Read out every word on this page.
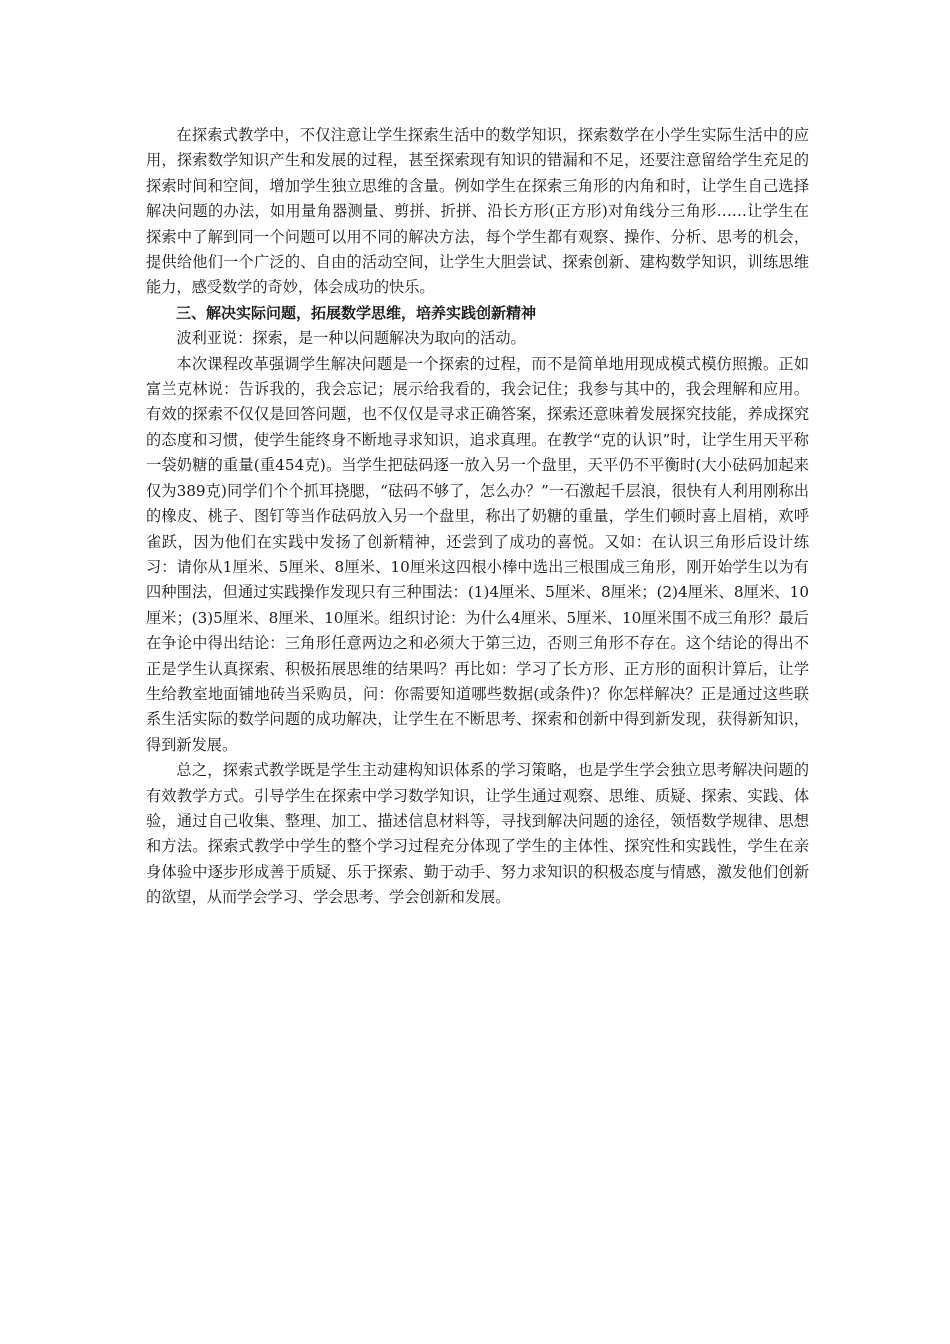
在探索式教学中，不仅注意让学生探索生活中的数学知识，探索数学在小学生实际生活中的应用，探索数学知识产生和发展的过程，甚至探索现有知识的错漏和不足，还要注意留给学生充足的探索时间和空间，增加学生独立思维的含量。例如学生在探索三角形的内角和时，让学生自己选择解决问题的办法，如用量角器测量、剪拼、折拼、沿长方形(正方形)对角线分三角形……让学生在探索中了解到同一个问题可以用不同的解决方法，每个学生都有观察、操作、分析、思考的机会，提供给他们一个广泛的、自由的活动空间，让学生大胆尝试、探索创新、建构数学知识，训练思维能力，感受数学的奇妙，体会成功的快乐。

三、解决实际问题，拓展数学思维，培养实践创新精神

波利亚说：探索，是一种以问题解决为取向的活动。

本次课程改革强调学生解决问题是一个探索的过程，而不是简单地用现成模式模仿照搬。正如富兰克林说：告诉我的，我会忘记；展示给我看的，我会记住；我参与其中的，我会理解和应用。有效的探索不仅仅是回答问题，也不仅仅是寻求正确答案，探索还意味着发展探究技能，养成探究的态度和习惯，使学生能终身不断地寻求知识，追求真理。在教学“克的认识”时，让学生用天平称一袋奶糖的重量(重454克)。当学生把砝码逐一放入另一个盘里，天平仍不平衡时(大小砝码加起来仅为389克)同学们个个抓耳挠腮，“砝码不够了，怎么办？”一石激起千层浪，很快有人利用刚称出的橡皮、桃子、图钉等当作砝码放入另一个盘里，称出了奶糖的重量，学生们顿时喜上眉梢，欢呼雀跃，因为他们在实践中发扬了创新精神，还尝到了成功的喜悦。又如：在认识三角形后设计练习：请你从1厘米、5厘米、8厘米、10厘米这四根小棒中选出三根围成三角形，刚开始学生以为有四种围法，但通过实践操作发现只有三种围法：(1)4厘米、5厘米、8厘米；(2)4厘米、8厘米、10厘米；(3)5厘米、8厘米、10厘米。组织讨论：为什么4厘米、5厘米、10厘米围不成三角形？最后在争论中得出结论：三角形任意两边之和必须大于第三边，否则三角形不存在。这个结论的得出不正是学生认真探索、积极拓展思维的结果吗？再比如：学习了长方形、正方形的面积计算后，让学生给教室地面铺地砖当采购员，问：你需要知道哪些数据(或条件)？你怎样解决？正是通过这些联系生活实际的数学问题的成功解决，让学生在不断思考、探索和创新中得到新发现，获得新知识，得到新发展。

总之，探索式教学既是学生主动建构知识体系的学习策略，也是学生学会独立思考解决问题的有效教学方式。引导学生在探索中学习数学知识，让学生通过观察、思维、质疑、探索、实践、体验，通过自己收集、整理、加工、描述信息材料等，寻找到解决问题的途径，领悟数学规律、思想和方法。探索式教学中学生的整个学习过程充分体现了学生的主体性、探究性和实践性，学生在亲身体验中逐步形成善于质疑、乐于探索、勤于动手、努力求知识的积极态度与情感，激发他们创新的欲望，从而学会学习、学会思考、学会创新和发展。
